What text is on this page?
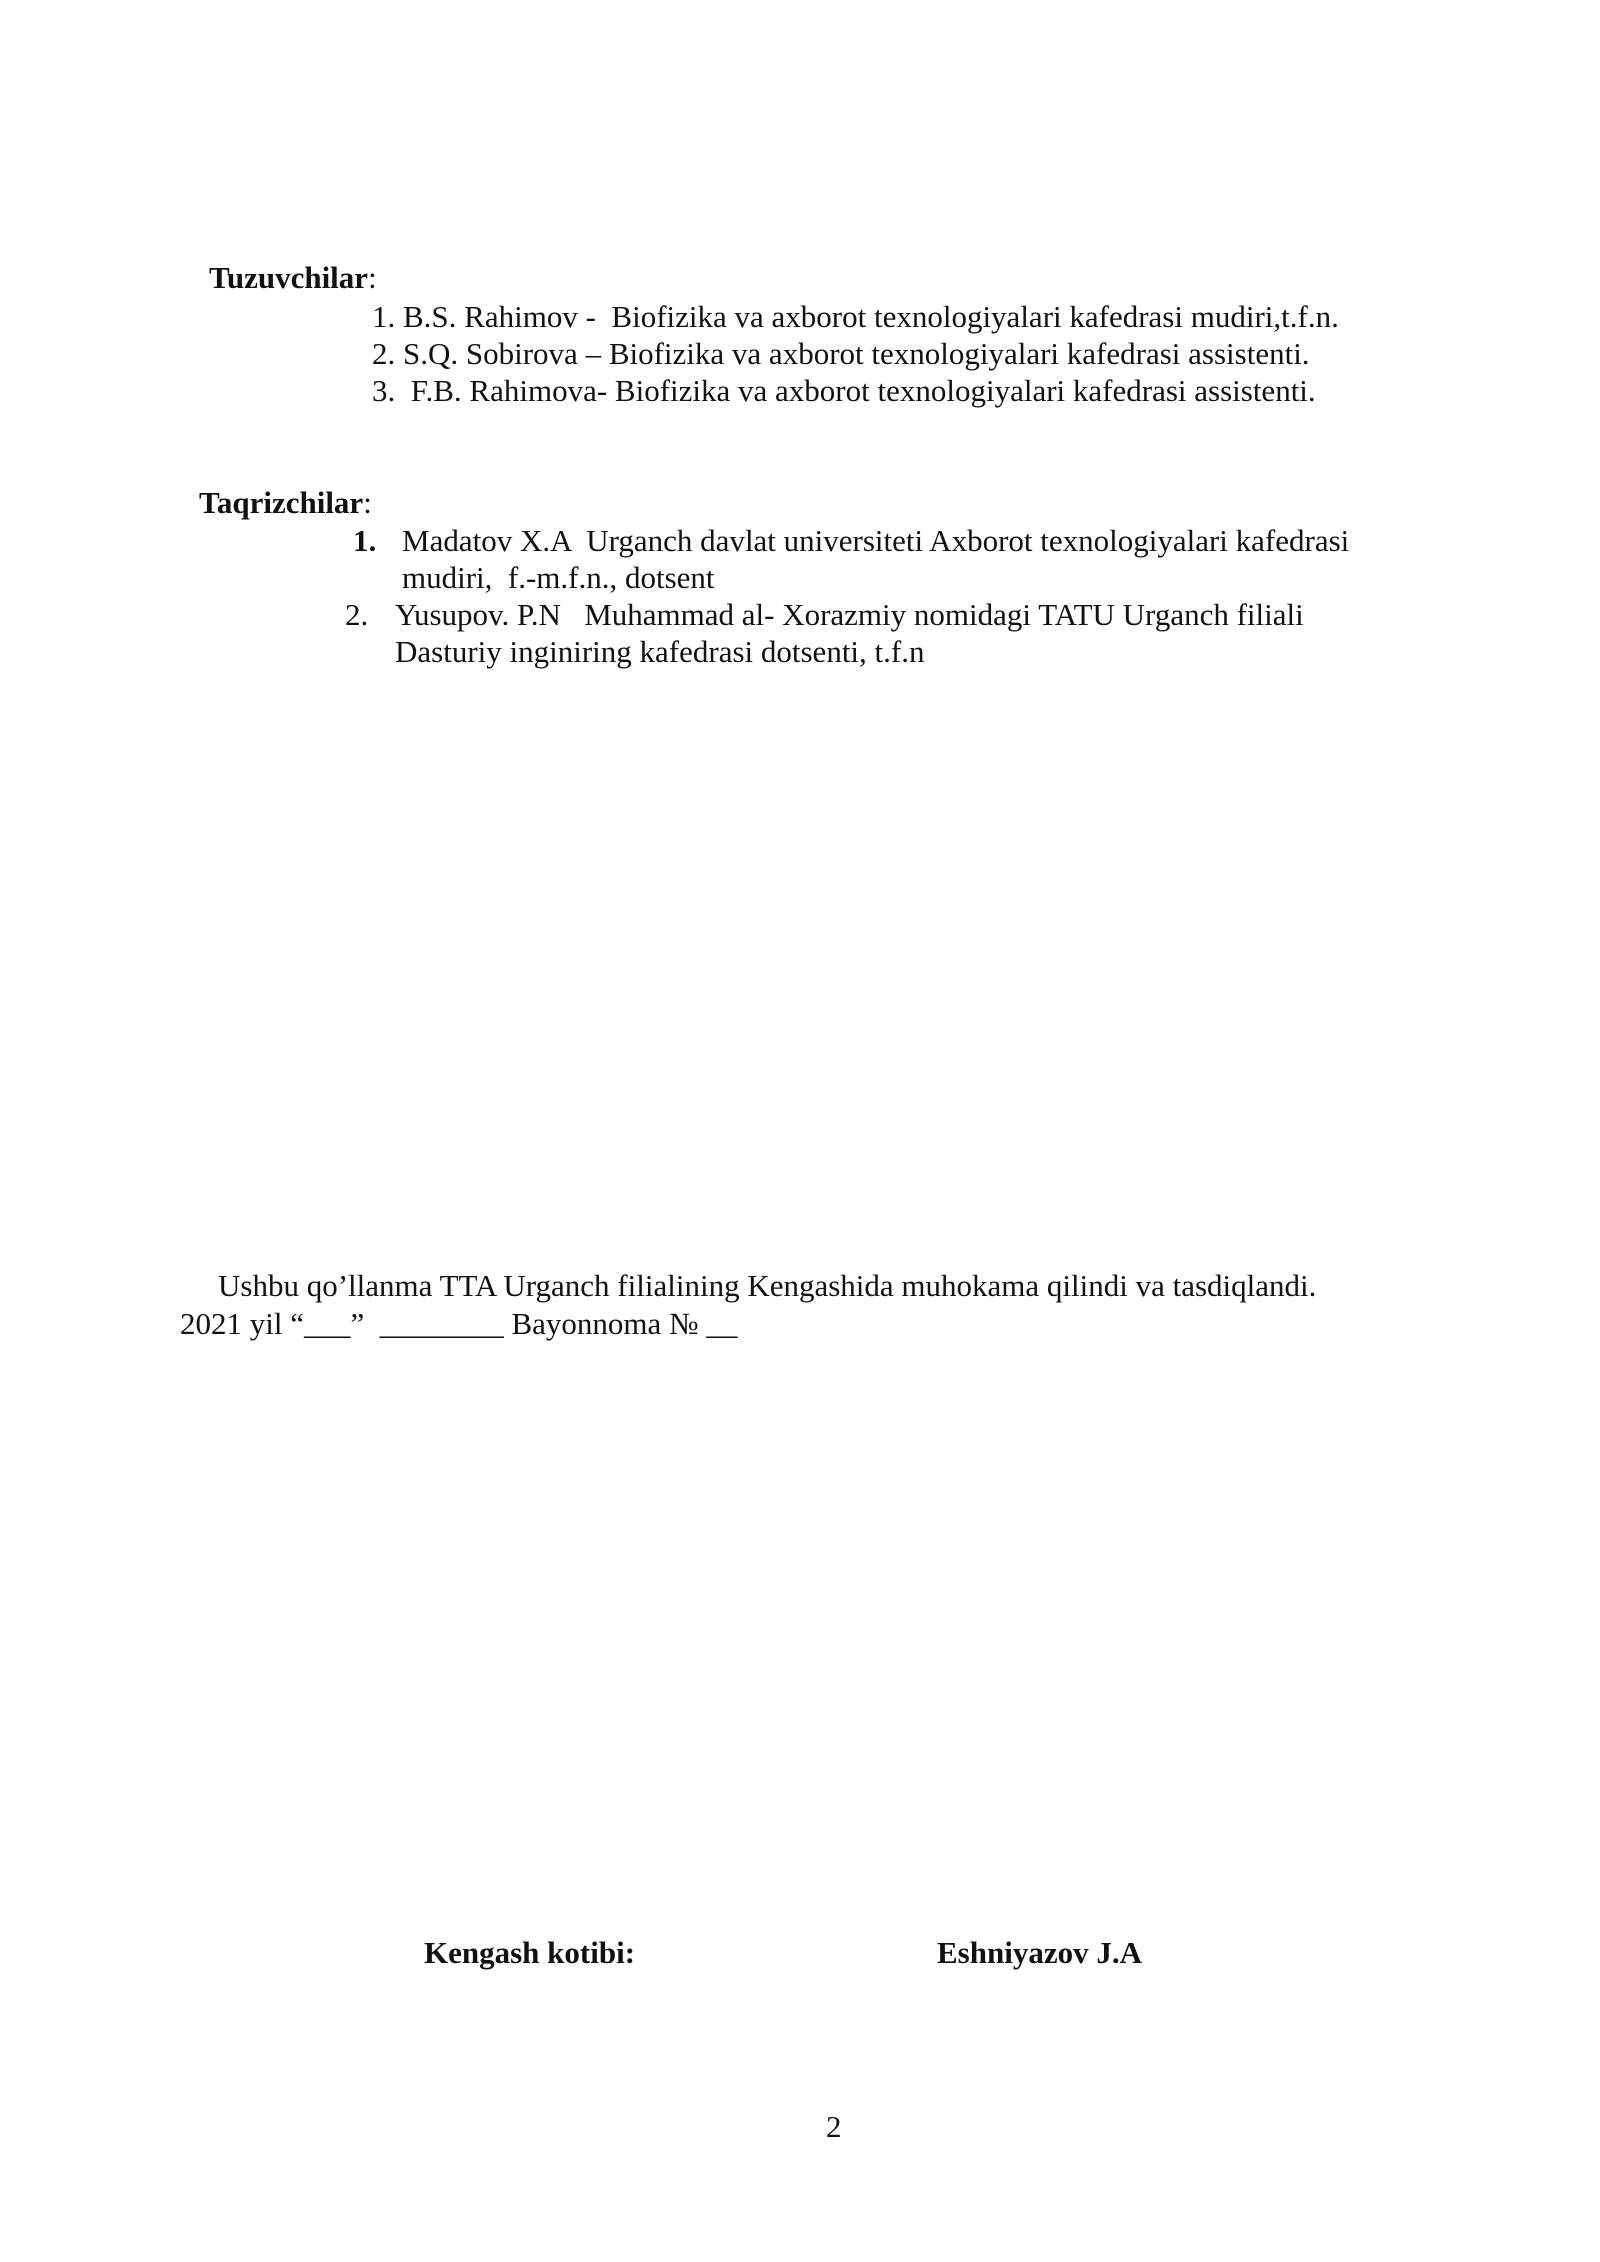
Tuzuvchilar:
1. B.S. Rahimov -  Biofizika va axborot texnologiyalari kafedrasi mudiri,t.f.n.
2. S.Q. Sobirova – Biofizika va axborot texnologiyalari kafedrasi assistenti.
3.  F.B. Rahimova- Biofizika va axborot texnologiyalari kafedrasi assistenti.
Taqrizchilar:
1. Madatov X.A  Urganch davlat universiteti Axborot texnologiyalari kafedrasi
mudiri,  f.-m.f.n., dotsent
2. Yusupov. P.N   Muhammad al- Xorazmiy nomidagi TATU Urganch filiali
Dasturiy inginiring kafedrasi dotsenti, t.f.n
Ushbu qo’llanma TTA Urganch filialining Kengashida muhokama qilindi va tasdiqlandi.
2021 yil “___”  ________ Bayonnoma № __
Kengash kotibi:	Eshniyazov J.A
2
